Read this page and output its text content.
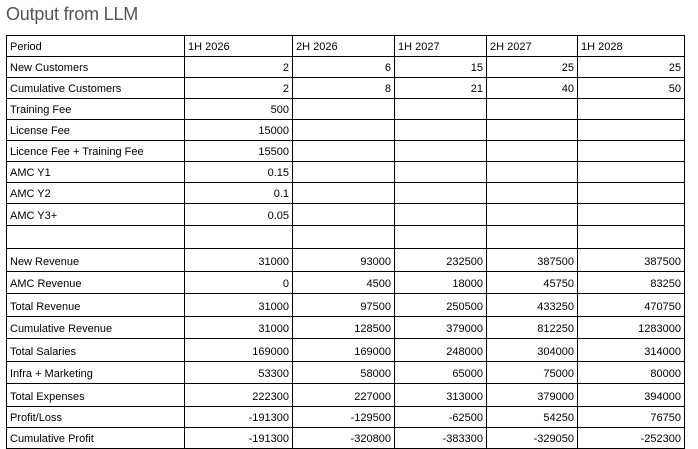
Output from LLM
Period	1H 2026	2H 2026	1H 2027	2H 2027	1H 2028
New Customers	2	6	15	25	25
Cumulative Customers	2	8	21	40	50
Training Fee	500				
License Fee	15000				
Licence Fee + Training Fee	15500				
AMC Y1	0.15				
AMC Y2	0.1				
AMC Y3+	0.05				

New Revenue	31000	93000	232500	387500	387500
AMC Revenue	0	4500	18000	45750	83250
Total Revenue	31000	97500	250500	433250	470750
Cumulative Revenue	31000	128500	379000	812250	1283000
Total Salaries	169000	169000	248000	304000	314000
Infra + Marketing	53300	58000	65000	75000	80000
Total Expenses	222300	227000	313000	379000	394000
Profit/Loss	-191300	-129500	-62500	54250	76750
Cumulative Profit	-191300	-320800	-383300	-329050	-252300
